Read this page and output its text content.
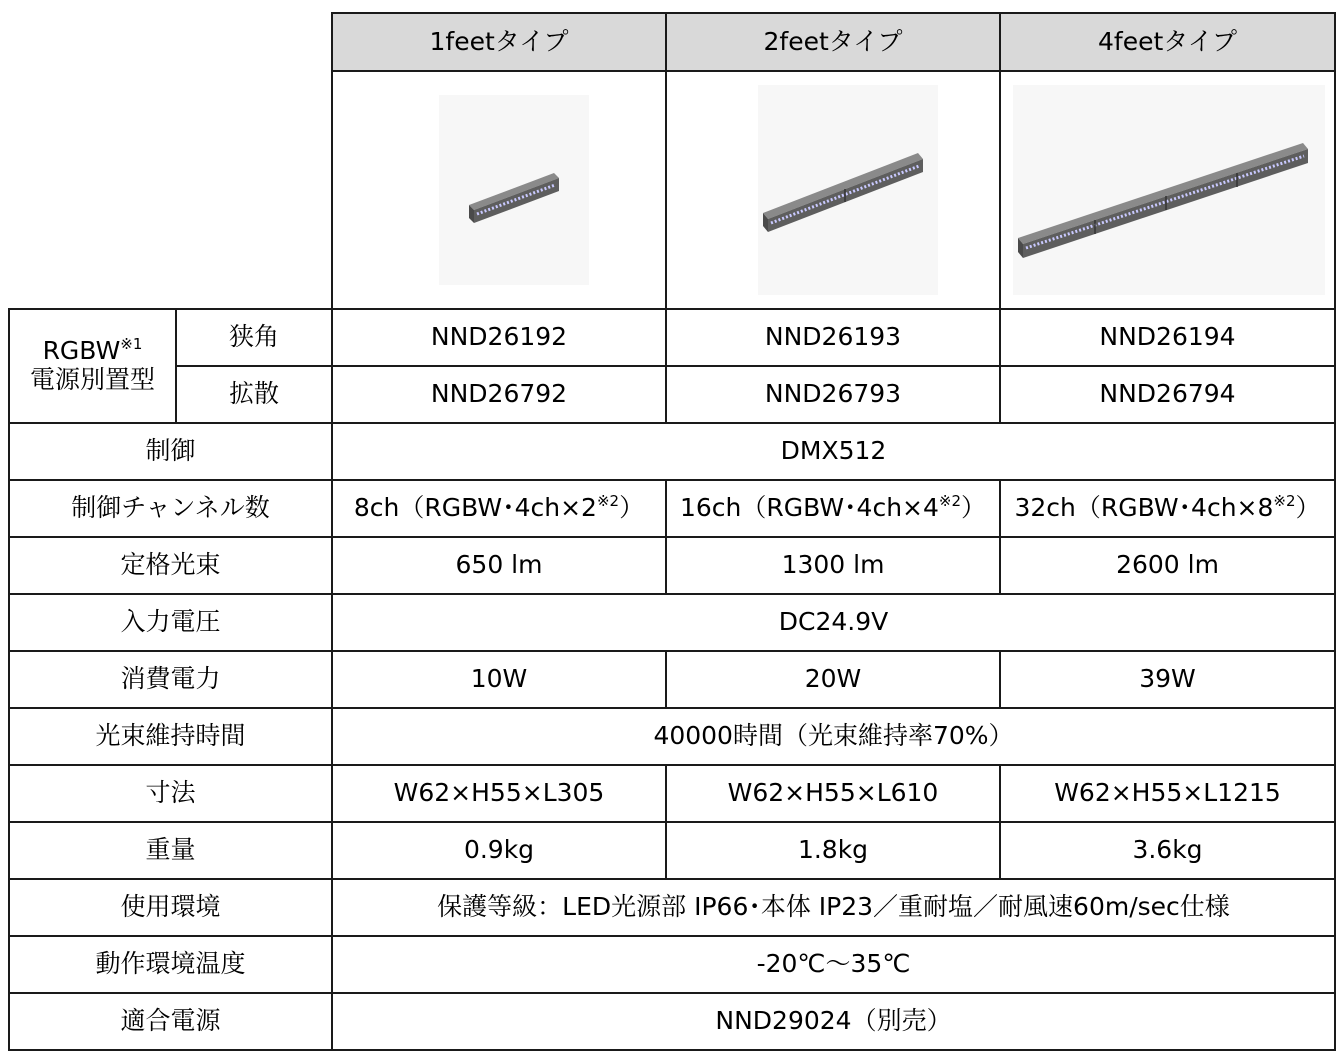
		1feetタイプ	2feetタイプ	4feetタイプ

RGBW$^{※1}$
電源別置型	狭角	NND26192	NND26193	NND26194
	拡散	NND26792	NND26793	NND26794
制御		DMX512		
制御チャンネル数		8ch（RGBW･$4ch\times 2^{※2}$）	16ch（RGBW･$4ch\times 4^{※2}$）	32ch（RGBW･$4ch\times 8^{※2}$）
定格光束		650 lm	1300 lm	2600 lm
入力電圧		DC24.9V		
消費電力		10W	20W	39W
光束維持時間		40000時間（光束維持率70%）		
寸法		W62×H55×L305	W62×H55×L610	W62×H55×L1215
重量		0.9kg	1.8kg	3.6kg
使用環境		保護等級：LED光源部 IP66･本体 IP23／重耐塩／耐風速60m/sec仕様		
動作環境温度		-20℃～35℃		
適合電源		NND29024（別売）		
